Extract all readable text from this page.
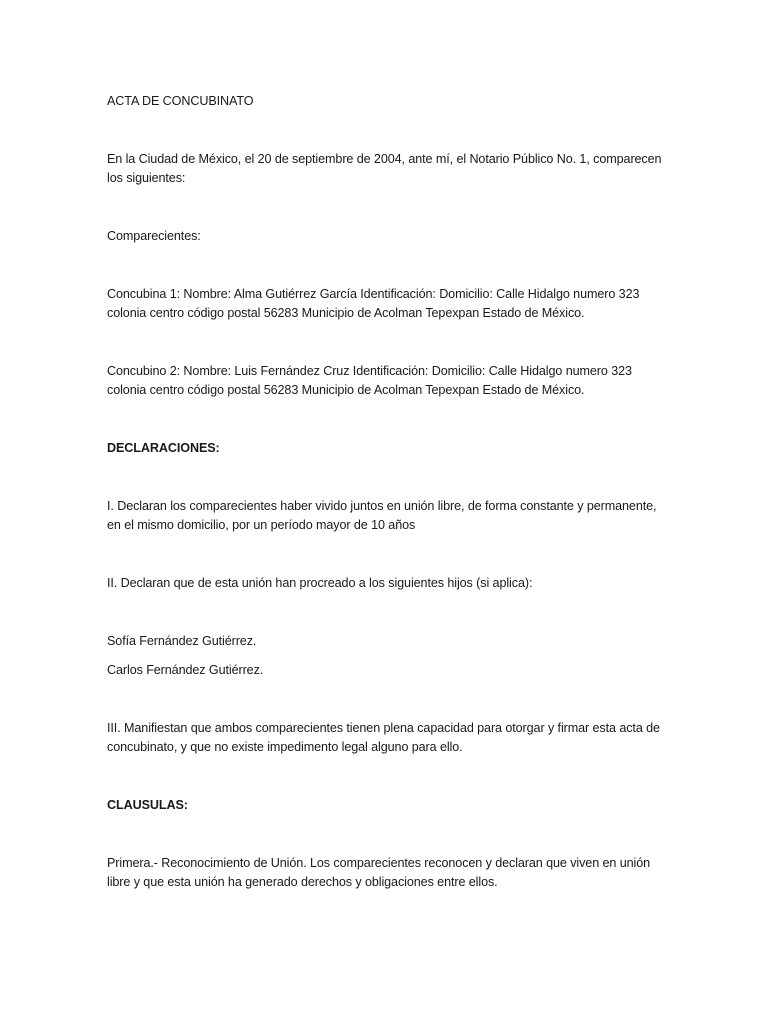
ACTA DE CONCUBINATO

En la Ciudad de México, el 20 de septiembre de 2004, ante mí, el Notario Público No. 1, comparecen los siguientes:

Comparecientes:

Concubina 1: Nombre: Alma Gutiérrez García Identificación: Domicilio: Calle Hidalgo numero 323 colonia centro código postal 56283 Municipio de Acolman Tepexpan Estado de México.

Concubino 2: Nombre: Luis Fernández Cruz Identificación: Domicilio: Calle Hidalgo numero 323 colonia centro código postal 56283 Municipio de Acolman Tepexpan Estado de México.

DECLARACIONES:

I. Declaran los comparecientes haber vivido juntos en unión libre, de forma constante y permanente, en el mismo domicilio, por un período mayor de 10 años

II. Declaran que de esta unión han procreado a los siguientes hijos (si aplica):

Sofía Fernández Gutiérrez.

Carlos Fernández Gutiérrez.

III. Manifiestan que ambos comparecientes tienen plena capacidad para otorgar y firmar esta acta de concubinato, y que no existe impedimento legal alguno para ello.

CLAUSULAS:

Primera.- Reconocimiento de Unión. Los comparecientes reconocen y declaran que viven en unión libre y que esta unión ha generado derechos y obligaciones entre ellos.
